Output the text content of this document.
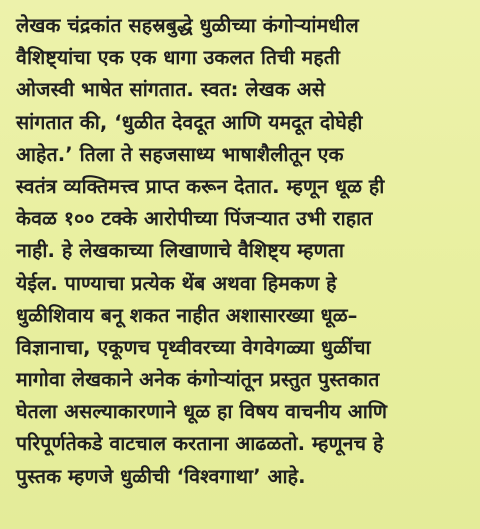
लेखक चंद्रकांत सहस्रबुद्धे धुळीच्या कंगोऱ्यांमधील
वैशिष्ट्यांचा एक एक धागा उकलत तिची महती
ओजस्वी भाषेत सांगतात. स्वत: लेखक असे
सांगतात की, ‘धुळीत देवदूत आणि यमदूत दोघेही
आहेत.’ तिला ते सहजसाध्य भाषाशैलीतून एक
स्वतंत्र व्यक्तिमत्त्व प्राप्त करून देतात. म्हणून धूळ ही
केवळ १०० टक्के आरोपीच्या पिंजऱ्यात उभी राहात
नाही. हे लेखकाच्या लिखाणाचे वैशिष्ट्य म्हणता
येईल. पाण्याचा प्रत्येक थेंब अथवा हिमकण हे
धुळीशिवाय बनू शकत नाहीत अशासारख्या धूळ–
विज्ञानाचा, एकूणच पृथ्वीवरच्या वेगवेगळ्या धुळींचा
मागोवा लेखकाने अनेक कंगोऱ्यांतून प्रस्तुत पुस्तकात
घेतला असल्याकारणाने धूळ हा विषय वाचनीय आणि
परिपूर्णतेकडे वाटचाल करताना आढळतो. म्हणूनच हे
पुस्तक म्हणजे धुळीची ‘विश्वगाथा’ आहे.
